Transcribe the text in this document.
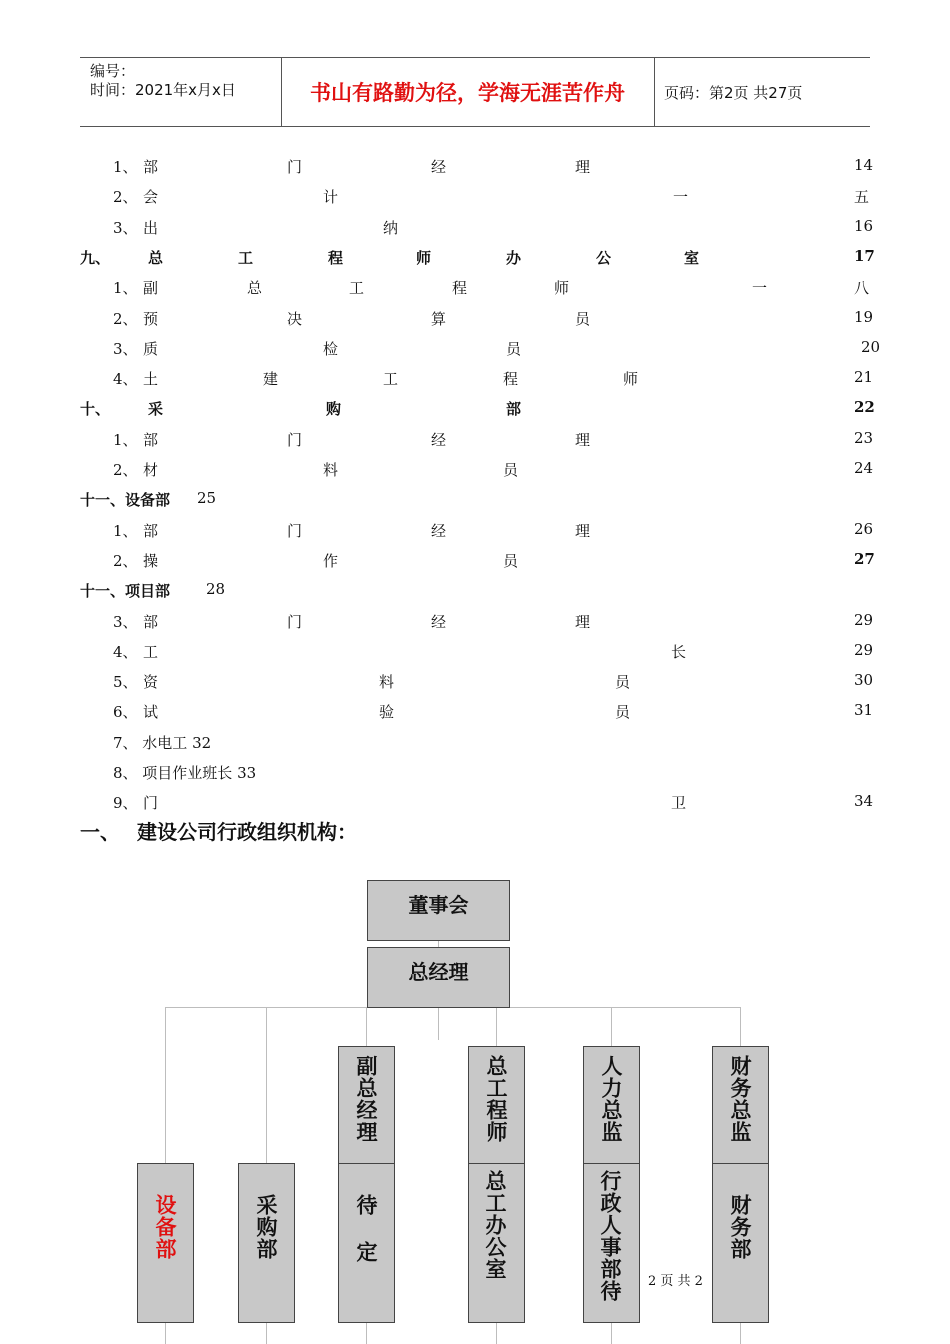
编号：
时间：2021年x月x日	书山有路勤为径，学海无涯苦作舟	页码：第2页 共27页
1、 部	门	经	理	14
2、 会	计	一	五
3、 出	纳	16
九、	总	工	程	师	办	公	室	17
1、 副	总	工	程	师	一	八
2、 预	决	算	员	19
3、 质	检	员	20
4、 土	建	工	程	师	21
十、	采	购	部	22
1、 部	门	经	理	23
2、 材	料	员	24
十一、设备部 25
1、 部	门	经	理	26
2、 操	作	员	27
十一、项目部 28
3、 部	门	经	理	29
4、 工	长	29
5、 资	料	员	30
6、 试	验	员	31
7、 水电工 32
8、 项目作业班长 33
9、 门	卫	34
一、 建设公司行政组织机构：
董事会
总经理
副总经理
待 定
总工程师
总工办公室
人力总监
行政人事部待
财务总监
财务部
设备部	采购部
2 页 共 2
